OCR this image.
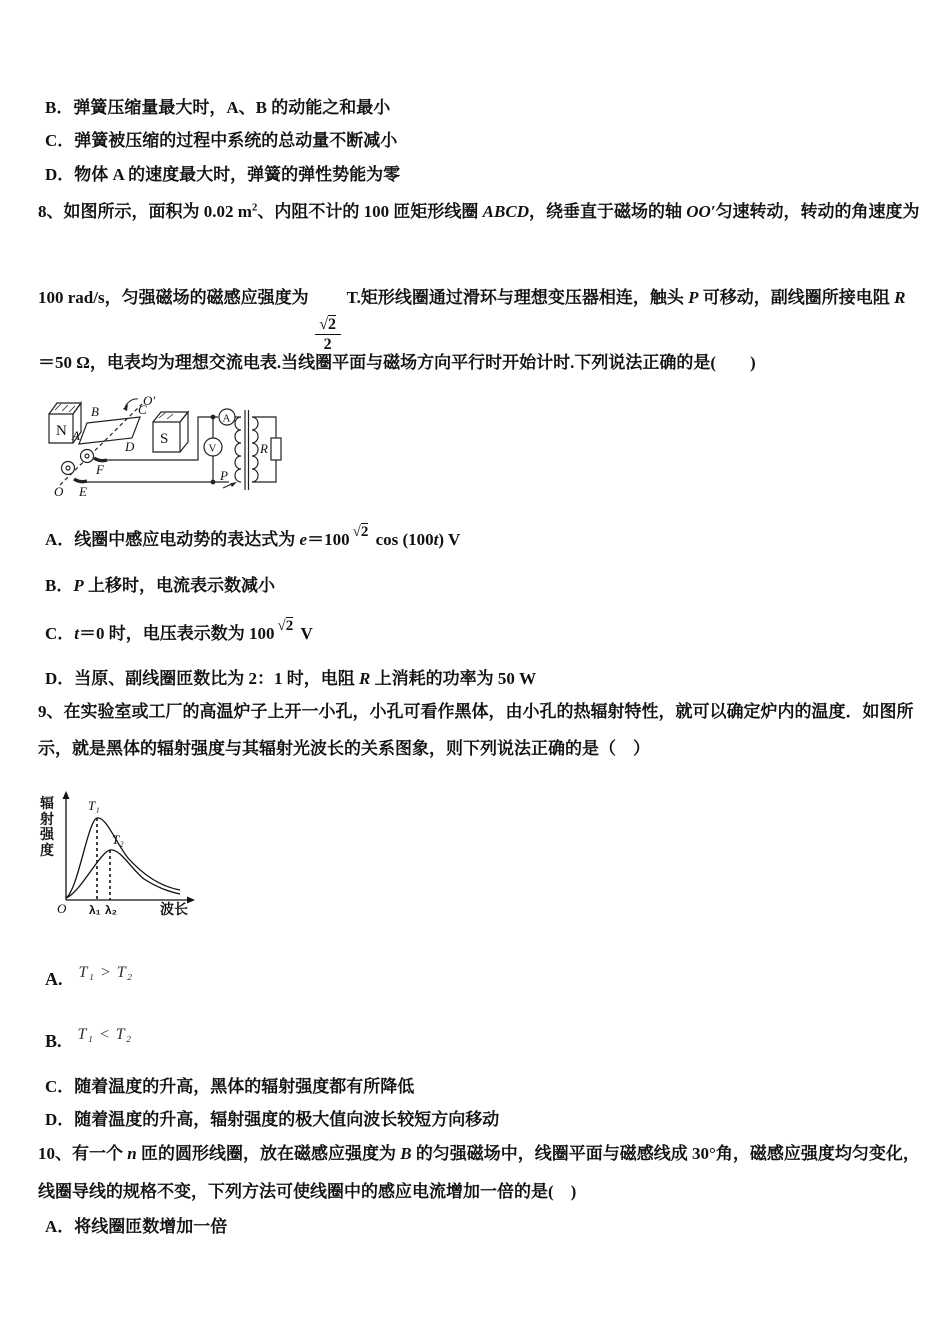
B．弹簧压缩量最大时，A、B 的动能之和最小
C．弹簧被压缩的过程中系统的总动量不断减小
D．物体 A 的速度最大时，弹簧的弹性势能为零
8、如图所示，面积为 0.02 $m^2$、内阻不计的 100 匝矩形线圈 ABCD，绕垂直于磁场的轴 OO′匀速转动，转动的角速度为
100 rad/s，匀强磁场的磁感应强度为
$\frac{√2}{2}$
T.矩形线圈通过滑环与理想变压器相连，触头 P 可移动，副线圈所接电阻 R
＝50 Ω，电表均为理想交流电表.当线圈平面与磁场方向平行时开始计时.下列说法正确的是(　　)
O′
B	C
N	S
A
D
F
O E
A
V
P
R
A．线圈中感应电动势的表达式为 e＝100 √2 cos (100t) V
B．P 上移时，电流表示数减小
C．t＝0 时，电压表示数为 100 √2 V
D．当原、副线圈匝数比为 2：1 时，电阻 R 上消耗的功率为 50 W
9、在实验室或工厂的高温炉子上开一小孔，小孔可看作黑体，由小孔的热辐射特性，就可以确定炉内的温度．如图所
示，就是黑体的辐射强度与其辐射光波长的关系图象，则下列说法正确的是（　）
辐射强度
O
T₁
T₂
λ₁ λ₂	波长
A. T₁ > T₂
B. T₁ < T₂
C．随着温度的升高，黑体的辐射强度都有所降低
D．随着温度的升高，辐射强度的极大值向波长较短方向移动
10、有一个 n 匝的圆形线圈，放在磁感应强度为 B 的匀强磁场中，线圈平面与磁感线成 30°角，磁感应强度均匀变化，
线圈导线的规格不变，下列方法可使线圈中的感应电流增加一倍的是(　)
A．将线圈匝数增加一倍
